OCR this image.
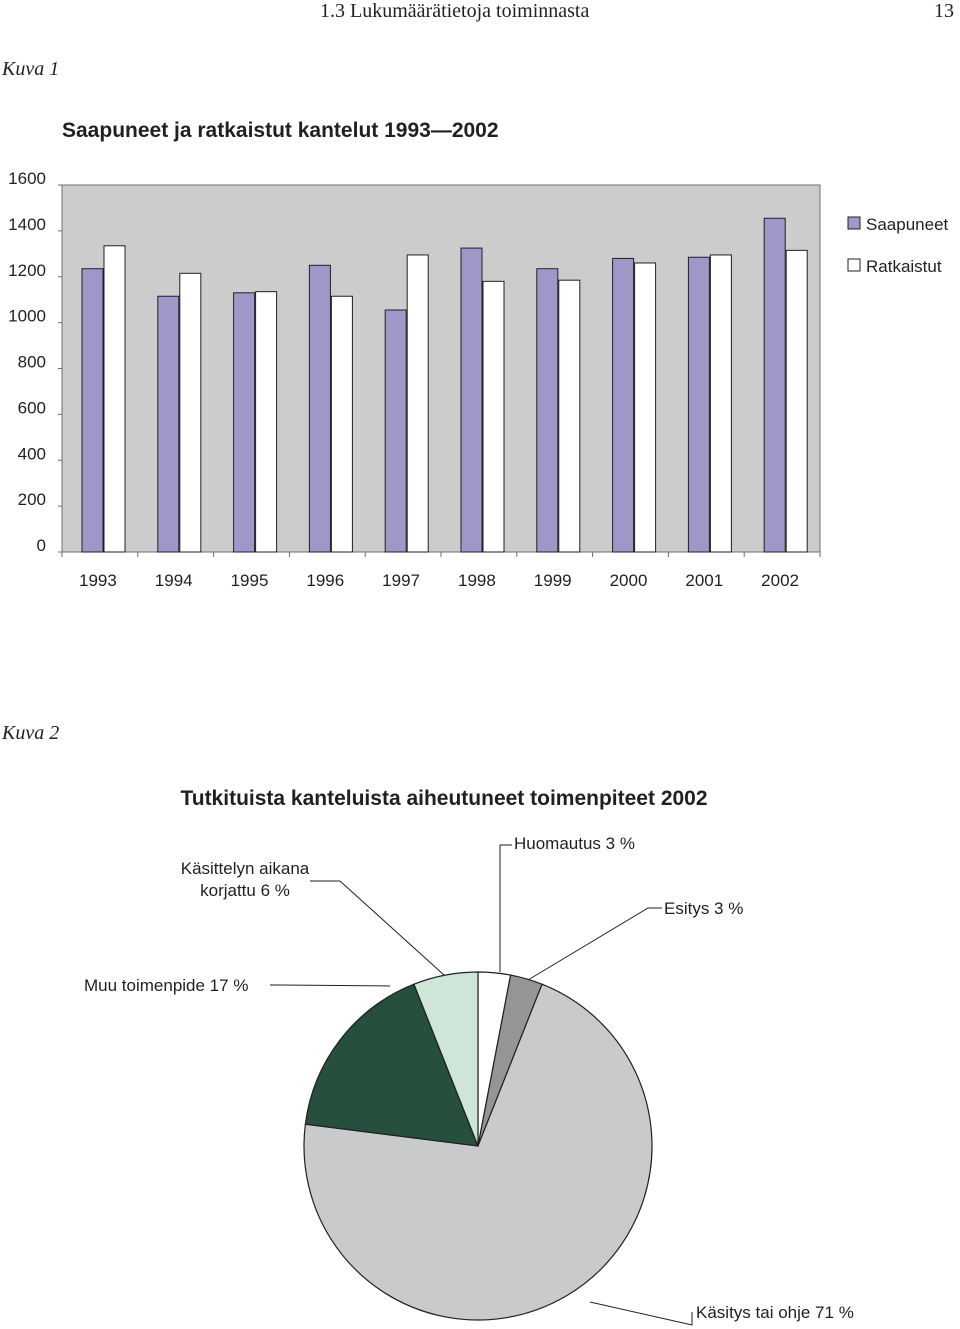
1.3 Lukumäärätietoja toiminnasta	13
Kuva 1
Kuva 2
Saapuneet ja ratkaistut kantelut 1993—2002
0
200
400
600
800
1000
1200
1400
1600
1993 1994 1995 1996 1997 1998 1999 2000 2001 2002
Saapuneet
Ratkaistut
Tutkituista kanteluista aiheutuneet toimenpiteet 2002
Huomautus 3 %
Esitys 3 %
Käsitys tai ohje 71 %
Muu toimenpide 17 %
Käsittelyn aikana
korjattu 6 %
